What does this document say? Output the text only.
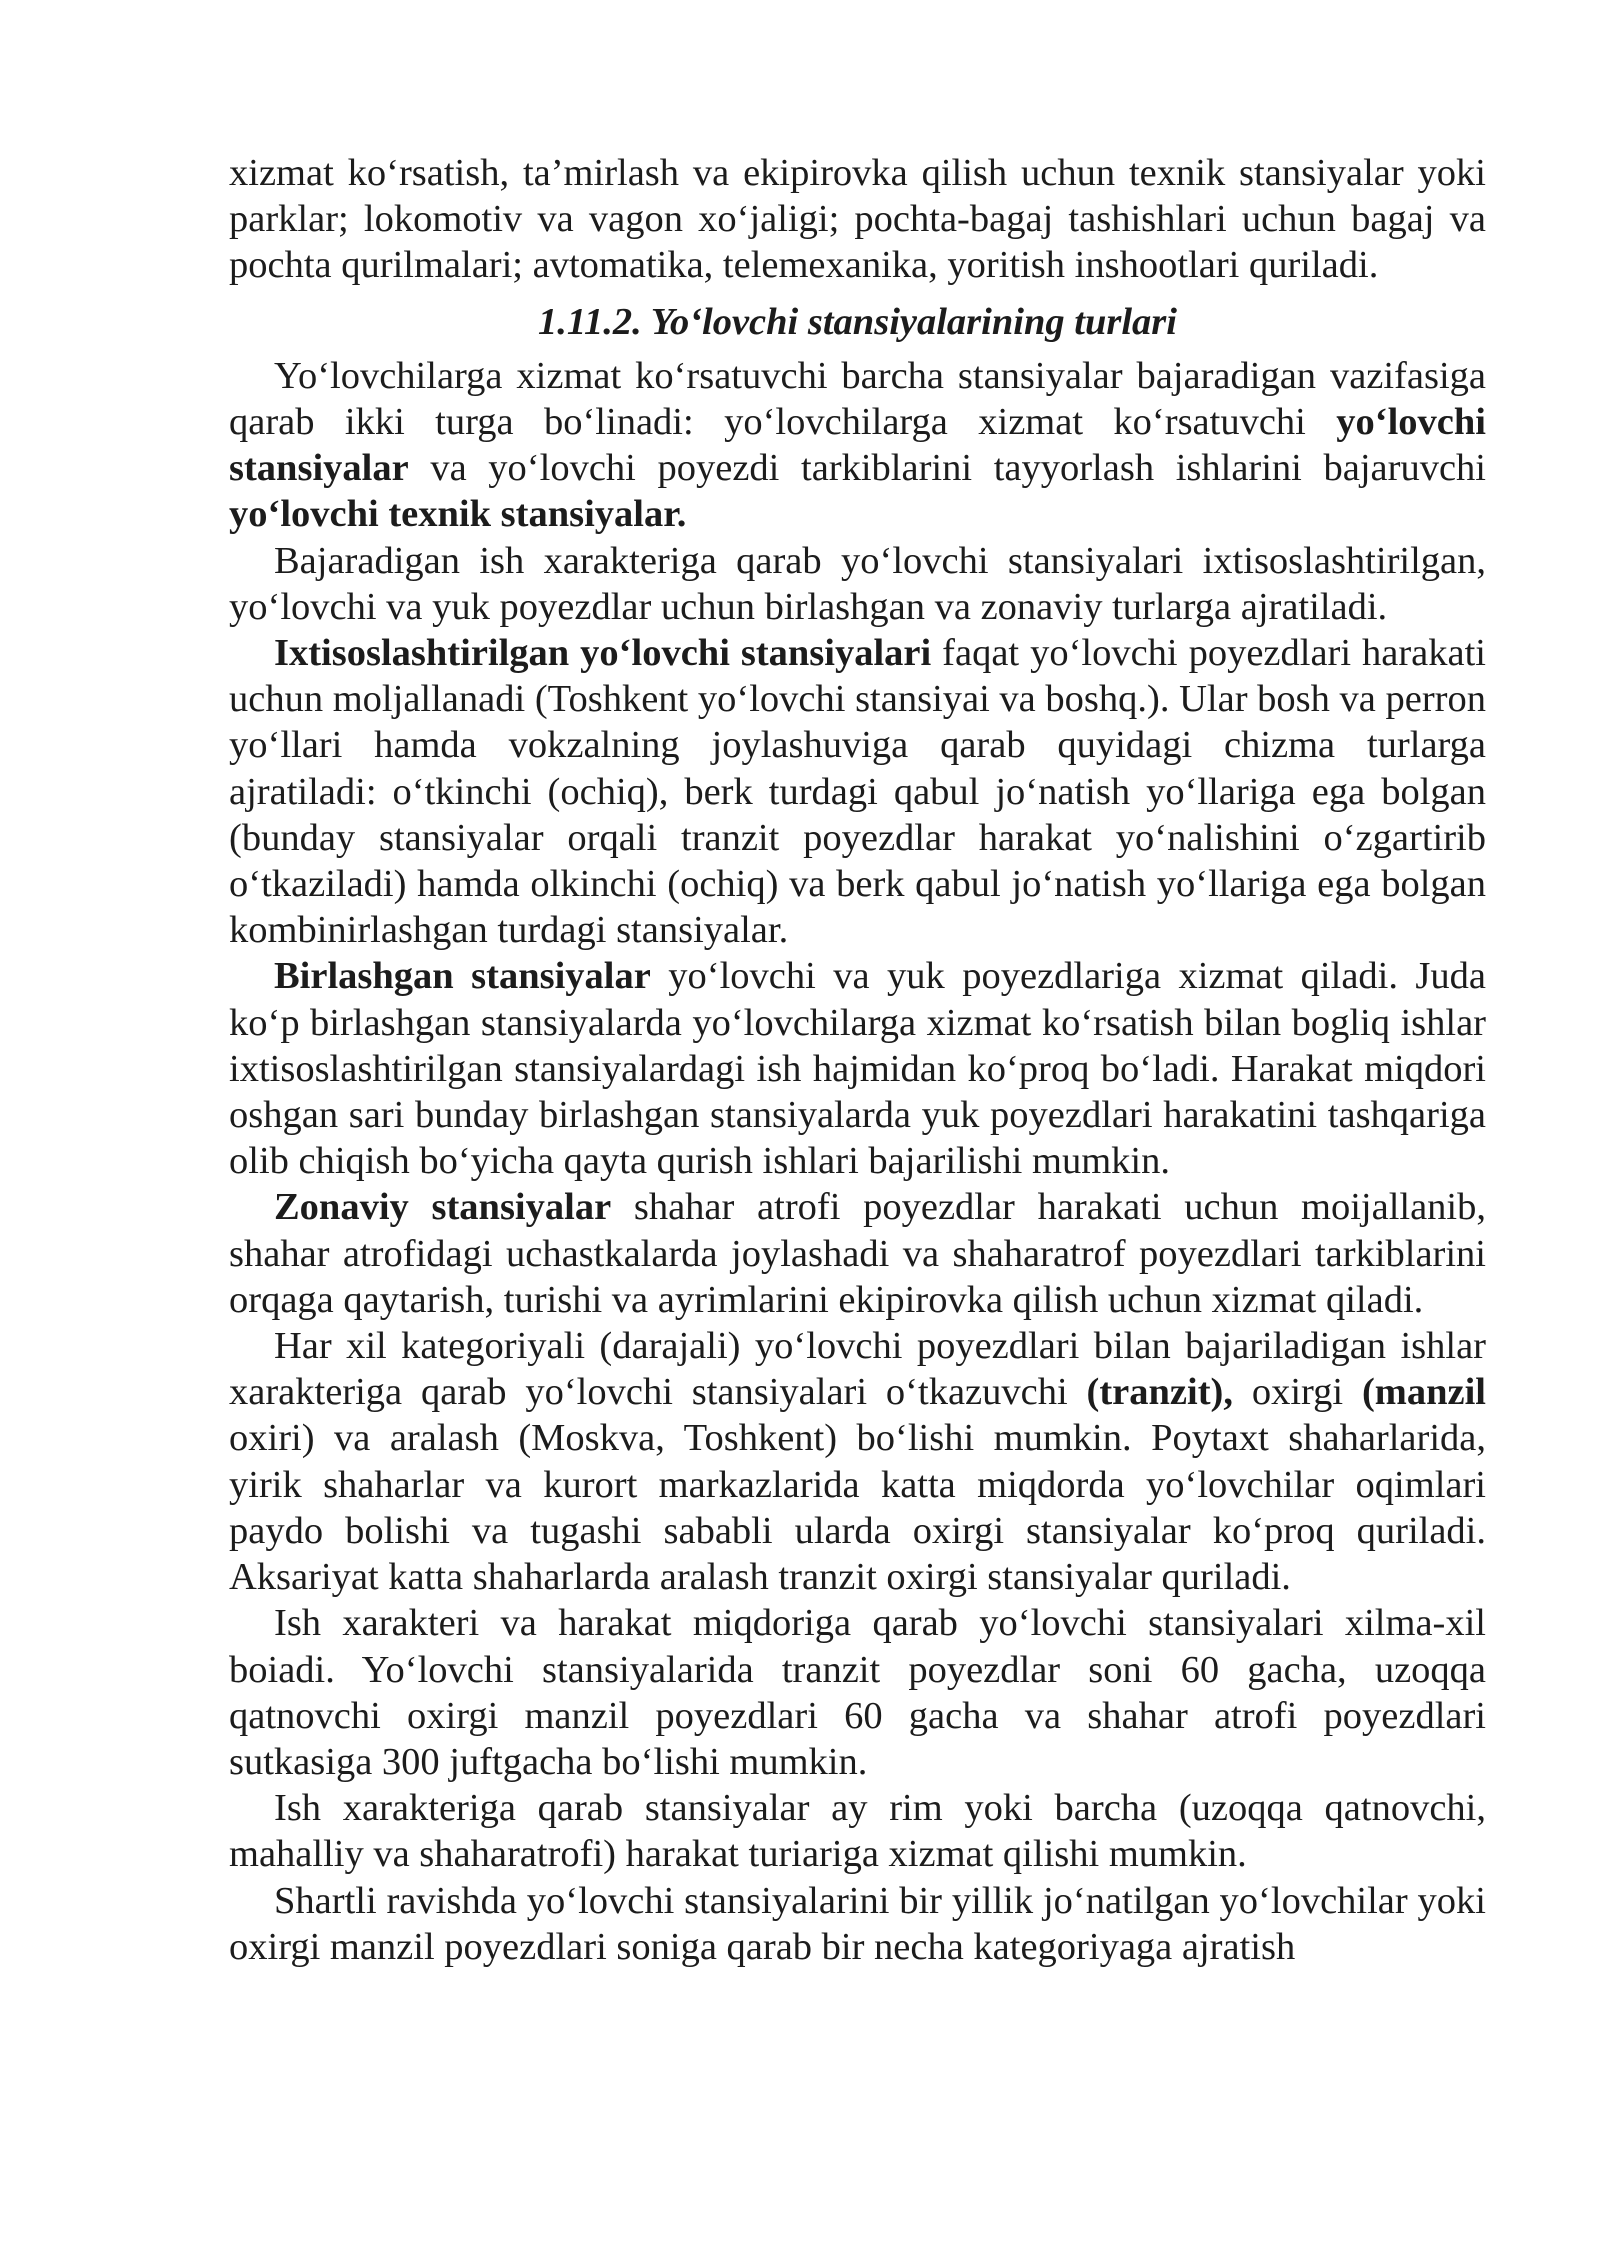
xizmat ko‘rsatish, ta’mirlash va ekipirovka qilish uchun texnik stansiyalar yoki parklar; lokomotiv va vagon xo‘jaligi; pochta-bagaj tashishlari uchun bagaj va pochta qurilmalari; avtomatika, telemexanika, yoritish inshootlari quriladi.

1.11.2. Yo‘lovchi stansiyalarining turlari

Yo‘lovchilarga xizmat ko‘rsatuvchi barcha stansiyalar bajaradigan vazifasiga qarab ikki turga bo‘linadi: yo‘lovchilarga xizmat ko‘rsatuvchi yo‘lovchi stansiyalar va yo‘lovchi poyezdi tarkiblarini tayyorlash ishlarini bajaruvchi yo‘lovchi texnik stansiyalar.

Bajaradigan ish xarakteriga qarab yo‘lovchi stansiyalari ixtisoslashtirilgan, yo‘lovchi va yuk poyezdlar uchun birlashgan va zonaviy turlarga ajratiladi.

Ixtisoslashtirilgan yo‘lovchi stansiyalari faqat yo‘lovchi poyezdlari harakati uchun moljallanadi (Toshkent yo‘lovchi stansiyai va boshq.). Ular bosh va perron yo‘llari hamda vokzalning joylashuviga qarab quyidagi chizma turlarga ajratiladi: o‘tkinchi (ochiq), berk turdagi qabul jo‘natish yo‘llariga ega bolgan (bunday stansiyalar orqali tranzit poyezdlar harakat yo‘nalishini o‘zgartirib o‘tkaziladi) hamda olkinchi (ochiq) va berk qabul jo‘natish yo‘llariga ega bolgan kombinirlashgan turdagi stansiyalar.

Birlashgan stansiyalar yo‘lovchi va yuk poyezdlariga xizmat qiladi. Juda ko‘p birlashgan stansiyalarda yo‘lovchilarga xizmat ko‘rsatish bilan bogliq ishlar ixtisoslashtirilgan stansiyalardagi ish hajmidan ko‘proq bo‘ladi. Harakat miqdori oshgan sari bunday birlashgan stansiyalarda yuk poyezdlari harakatini tashqariga olib chiqish bo‘yicha qayta qurish ishlari bajarilishi mumkin.

Zonaviy stansiyalar shahar atrofi poyezdlar harakati uchun moijallanib, shahar atrofidagi uchastkalarda joylashadi va shaharatrof poyezdlari tarkiblarini orqaga qaytarish, turishi va ayrimlarini ekipirovka qilish uchun xizmat qiladi.

Har xil kategoriyali (darajali) yo‘lovchi poyezdlari bilan bajariladigan ishlar xarakteriga qarab yo‘lovchi stansiyalari o‘tkazuvchi (tranzit), oxirgi (manzil oxiri) va aralash (Moskva, Toshkent) bo‘lishi mumkin. Poytaxt shaharlarida, yirik shaharlar va kurort markazlarida katta miqdorda yo‘lovchilar oqimlari paydo bolishi va tugashi sababli ularda oxirgi stansiyalar ko‘proq quriladi. Aksariyat katta shaharlarda aralash tranzit oxirgi stansiyalar quriladi.

Ish xarakteri va harakat miqdoriga qarab yo‘lovchi stansiyalari xilma-xil boiadi. Yo‘lovchi stansiyalarida tranzit poyezdlar soni 60 gacha, uzoqqa qatnovchi oxirgi manzil poyezdlari 60 gacha va shahar atrofi poyezdlari sutkasiga 300 juftgacha bo‘lishi mumkin.

Ish xarakteriga qarab stansiyalar ay rim yoki barcha (uzoqqa qatnovchi, mahalliy va shaharatrofi) harakat turiariga xizmat qilishi mumkin.

Shartli ravishda yo‘lovchi stansiyalarini bir yillik jo‘natilgan yo‘lovchilar yoki oxirgi manzil poyezdlari soniga qarab bir necha kategoriyaga ajratish
